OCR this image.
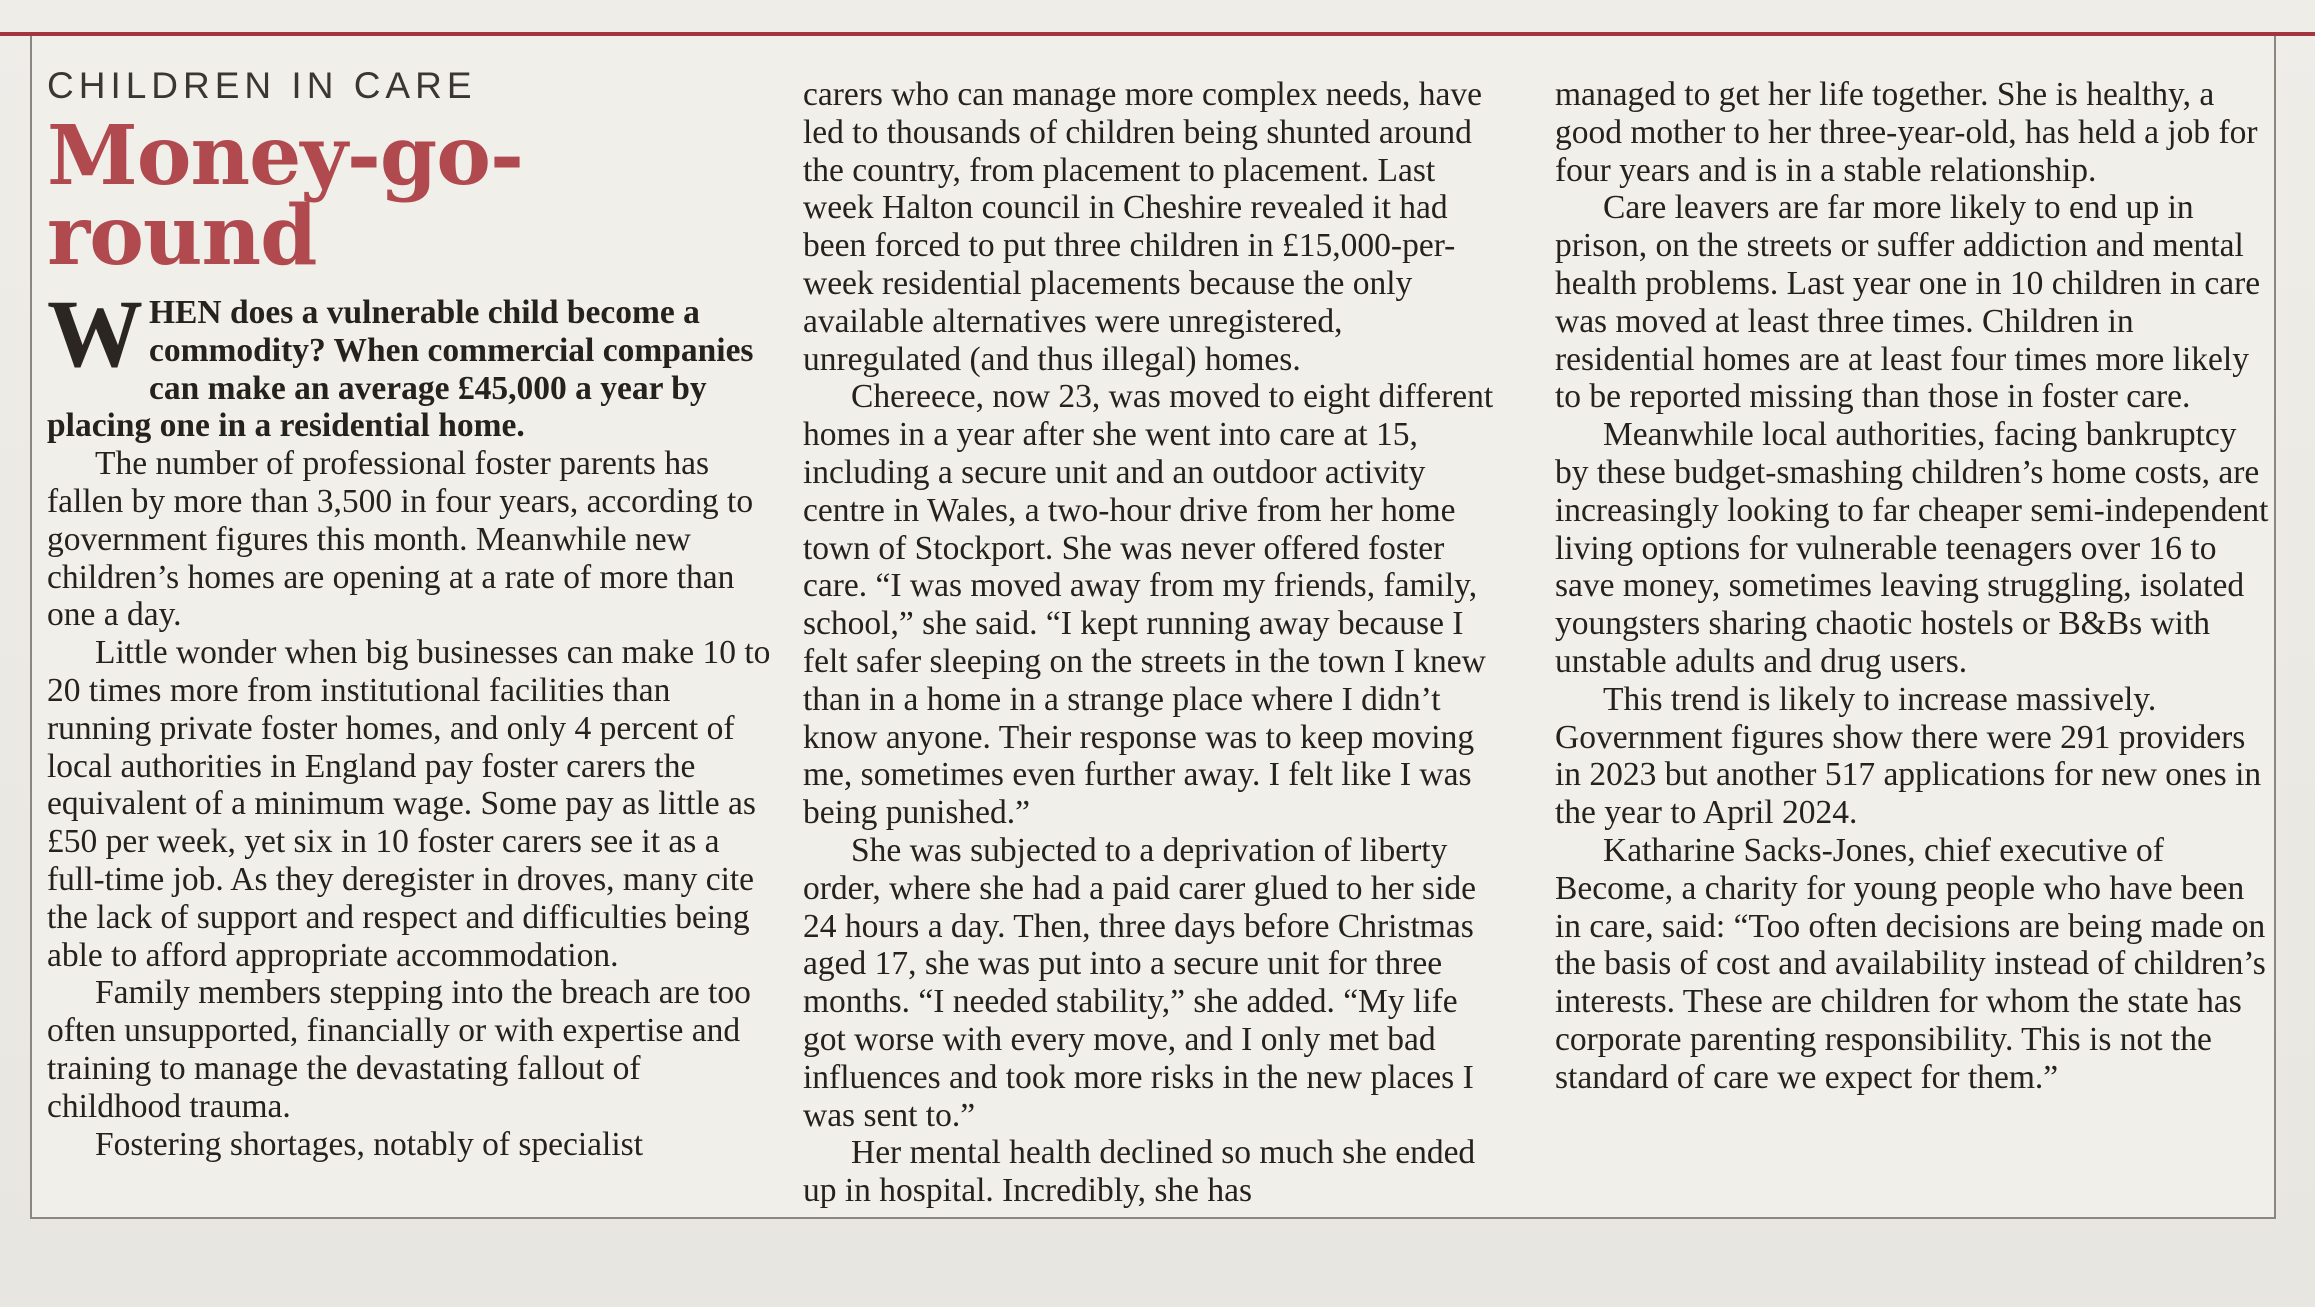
CHILDREN IN CARE
Money-go-round

WHEN does a vulnerable child become a commodity? When commercial companies can make an average £45,000 a year by placing one in a residential home.

The number of professional foster parents has fallen by more than 3,500 in four years, according to government figures this month. Meanwhile new children’s homes are opening at a rate of more than one a day.

Little wonder when big businesses can make 10 to 20 times more from institutional facilities than running private foster homes, and only 4 percent of local authorities in England pay foster carers the equivalent of a minimum wage. Some pay as little as £50 per week, yet six in 10 foster carers see it as a full-time job. As they deregister in droves, many cite the lack of support and respect and difficulties being able to afford appropriate accommodation.

Family members stepping into the breach are too often unsupported, financially or with expertise and training to manage the devastating fallout of childhood trauma.

Fostering shortages, notably of specialist

carers who can manage more complex needs, have led to thousands of children being shunted around the country, from placement to placement. Last week Halton council in Cheshire revealed it had been forced to put three children in £15,000-per-week residential placements because the only available alternatives were unregistered, unregulated (and thus illegal) homes.

Chereece, now 23, was moved to eight different homes in a year after she went into care at 15, including a secure unit and an outdoor activity centre in Wales, a two-hour drive from her home town of Stockport. She was never offered foster care. “I was moved away from my friends, family, school,” she said. “I kept running away because I felt safer sleeping on the streets in the town I knew than in a home in a strange place where I didn’t know anyone. Their response was to keep moving me, sometimes even further away. I felt like I was being punished.”

She was subjected to a deprivation of liberty order, where she had a paid carer glued to her side 24 hours a day. Then, three days before Christmas aged 17, she was put into a secure unit for three months. “I needed stability,” she added. “My life got worse with every move, and I only met bad influences and took more risks in the new places I was sent to.”

Her mental health declined so much she ended up in hospital. Incredibly, she has

managed to get her life together. She is healthy, a good mother to her three-year-old, has held a job for four years and is in a stable relationship.

Care leavers are far more likely to end up in prison, on the streets or suffer addiction and mental health problems. Last year one in 10 children in care was moved at least three times. Children in residential homes are at least four times more likely to be reported missing than those in foster care.

Meanwhile local authorities, facing bankruptcy by these budget-smashing children’s home costs, are increasingly looking to far cheaper semi-independent living options for vulnerable teenagers over 16 to save money, sometimes leaving struggling, isolated youngsters sharing chaotic hostels or B&Bs with unstable adults and drug users.

This trend is likely to increase massively. Government figures show there were 291 providers in 2023 but another 517 applications for new ones in the year to April 2024.

Katharine Sacks-Jones, chief executive of Become, a charity for young people who have been in care, said: “Too often decisions are being made on the basis of cost and availability instead of children’s interests. These are children for whom the state has corporate parenting responsibility. This is not the standard of care we expect for them.”
